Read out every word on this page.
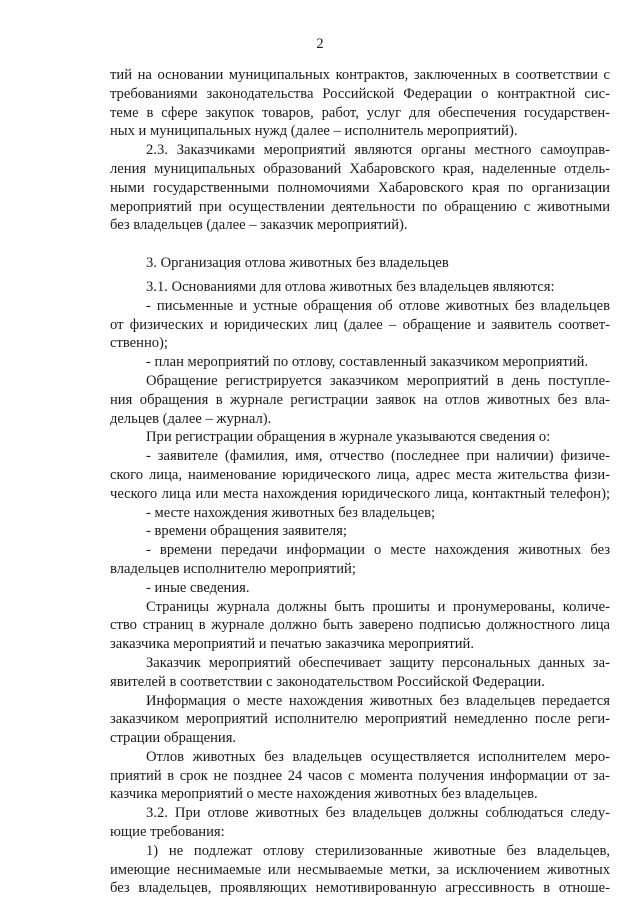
2
тий на основании муниципальных контрактов, заключенных в соответствии с
требованиями законодательства Российской Федерации о контрактной сис-
теме в сфере закупок товаров, работ, услуг для обеспечения государствен-
ных и муниципальных нужд (далее – исполнитель мероприятий).
2.3. Заказчиками мероприятий являются органы местного самоуправ-
ления муниципальных образований Хабаровского края, наделенные отдель-
ными государственными полномочиями Хабаровского края по организации
мероприятий при осуществлении деятельности по обращению с животными
без владельцев (далее – заказчик мероприятий).
3. Организация отлова животных без владельцев
3.1. Основаниями для отлова животных без владельцев являются:
- письменные и устные обращения об отлове животных без владельцев
от физических и юридических лиц (далее – обращение и заявитель соответ-
ственно);
- план мероприятий по отлову, составленный заказчиком мероприятий.
Обращение регистрируется заказчиком мероприятий в день поступле-
ния обращения в журнале регистрации заявок на отлов животных без вла-
дельцев (далее – журнал).
При регистрации обращения в журнале указываются сведения о:
- заявителе (фамилия, имя, отчество (последнее при наличии) физиче-
ского лица, наименование юридического лица, адрес места жительства физи-
ческого лица или места нахождения юридического лица, контактный телефон);
- месте нахождения животных без владельцев;
- времени обращения заявителя;
- времени передачи информации о месте нахождения животных без
владельцев исполнителю мероприятий;
- иные сведения.
Страницы журнала должны быть прошиты и пронумерованы, количе-
ство страниц в журнале должно быть заверено подписью должностного лица
заказчика мероприятий и печатью заказчика мероприятий.
Заказчик мероприятий обеспечивает защиту персональных данных за-
явителей в соответствии с законодательством Российской Федерации.
Информация о месте нахождения животных без владельцев передается
заказчиком мероприятий исполнителю мероприятий немедленно после реги-
страции обращения.
Отлов животных без владельцев осуществляется исполнителем меро-
приятий в срок не позднее 24 часов с момента получения информации от за-
казчика мероприятий о месте нахождения животных без владельцев.
3.2. При отлове животных без владельцев должны соблюдаться следу-
ющие требования:
1) не подлежат отлову стерилизованные животные без владельцев,
имеющие неснимаемые или несмываемые метки, за исключением животных
без владельцев, проявляющих немотивированную агрессивность в отноше-
